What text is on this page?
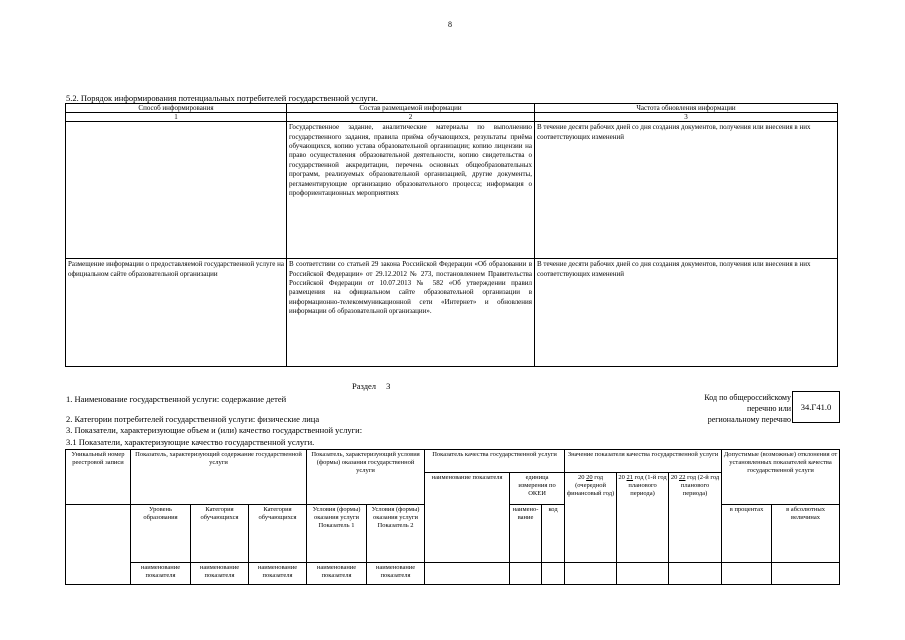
8
5.2. Порядок информирования потенциальных потребителей государственной услуги.
Способ информирования	Состав размещаемой информации	Частота обновления информации
1	2	3
	Государственное задание, аналитические материалы по выполнению государственного задания, правила приёма обучающихся, результаты приёма обучающихся, копию устава образовательной организации; копию лицензии на право осуществления образовательной деятельности, копию свидетельства о государственной аккредитации, перечень основных общеобразовательных программ, реализуемых образовательной организацией, другие документы, регламентирующие организацию образовательного процесса; информация о профориентационных мероприятиях	В течение десяти рабочих дней со дня создания документов, получения или внесения в них соответствующих изменений
Размещение информации о предоставляемой государственной услуге на официальном сайте образовательной организации	В соответствии со статьей 29 закона Российской Федерации «Об образовании в Российской Федерации» от 29.12.2012 № 273, постановлением Правительства Российской Федерации от 10.07.2013 № 582 «Об утверждении правил размещения на официальном сайте образовательной организации в информационно-телекоммуникационной сети «Интернет» и обновления информации об образовательной организации».	В течение десяти рабочих дней со дня создания документов, получения или внесения в них соответствующих изменений
Раздел 3
1. Наименование государственной услуги: содержание детей	Код по общероссийскому
перечню или
региональному перечню
34.Г41.0
2. Категории потребителей государственной услуги: физические лица
3. Показатели, характеризующие объем и (или) качество государственной услуги:
3.1 Показатели, характеризующие качество государственной услуги.
Уникальный номер реестровой записи	Показатель, характеризующий содержание государственной услуги			Показатель, характеризующий условия (формы) оказания государственной услуги		Показатель качества государственной услуги			Значение показателя качества государственной услуги			Допустимые (возможные) отклонения от установленных показателей качества государственной услуги	
						наименование показателя	единица измерения по ОКЕИ		20 20 год (очередной финансовый год)	20 21 год (1-й год планового периода)	20 22 год (2-й год планового периода)		
	Уровень образования	Категория обучающихся	Категория обучающихся	Условия (формы) оказания услуги Показатель 1	Условия (формы) оказания услуги Показатель 2		наимено-вание	код				в процентах	в абсолютных величинах
	наименование показателя	наименование показателя	наименование показателя	наименование показателя	наименование показателя								
